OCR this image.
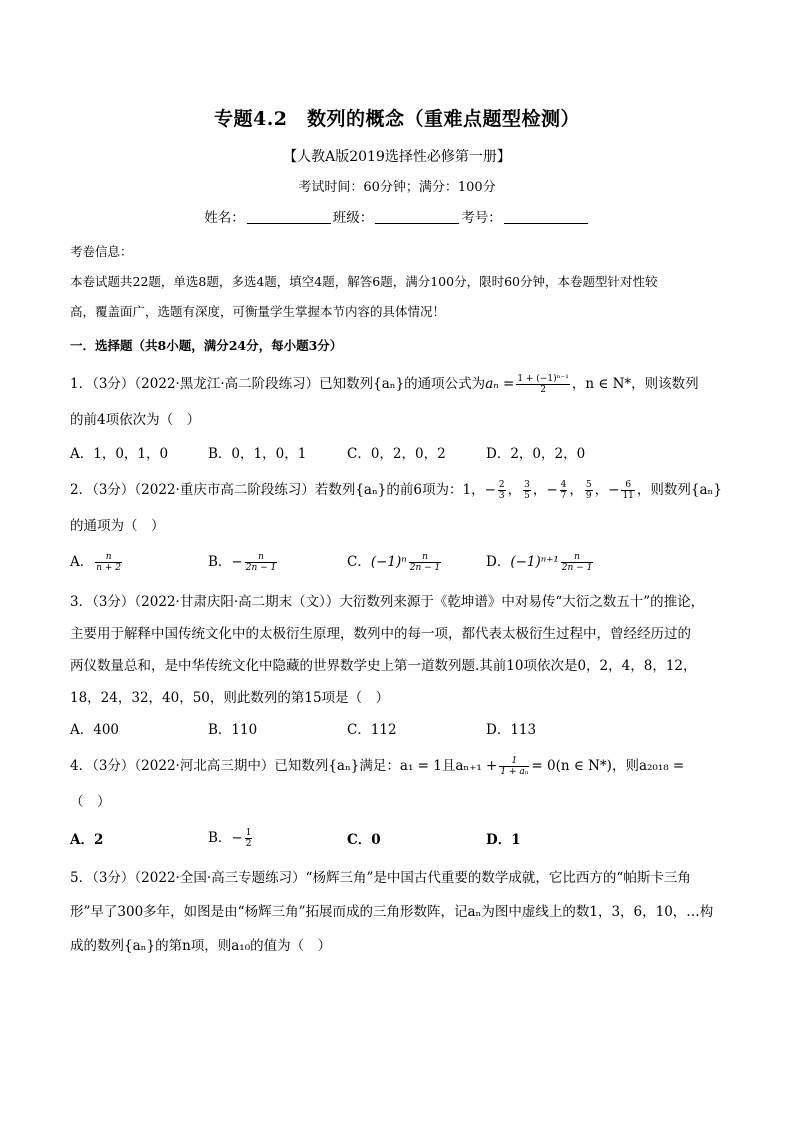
专题4.2　数列的概念（重难点题型检测）
【人教A版2019选择性必修第一册】
考试时间：60分钟；满分：100分
姓名：	班级：	考号：
考卷信息：
本卷试题共22题，单选8题，多选4题，填空4题，解答6题，满分100分，限时60分钟，本卷题型针对性较
高，覆盖面广，选题有深度，可衡量学生掌握本节内容的具体情况！
一．选择题（共8小题，满分24分，每小题3分）
1．（3分）（2022·黑龙江·高二阶段练习）已知数列{aₙ}的通项公式为$a_n = \frac{\text{1 + (−1)ⁿ⁻¹}}{2}$ ，n ∈ N*，则该数列
的前4项依次为（　）
A．1，0，1，0	B．0，1，0，1	C．0，2，0，2	D．2，0，2，0
2．（3分）（2022·重庆市高二阶段练习）若数列{aₙ}的前6项为：1，− $\frac{2}{3}$ ， $\frac{3}{5}$ ，− $\frac{4}{7}$ ， $\frac{5}{9}$ ，− $\frac{6}{11}$ ，则数列{aₙ}
的通项为（　）
A． $\frac{n}{n + 2}$	B．− $\frac{n}{2n - 1}$	C．$(-1)^n \frac{n}{2n - 1}$	D．$(-1)^{n+1} \frac{n}{2n - 1}$
3．（3分）（2022·甘肃庆阳·高二期末（文））大衍数列来源于《乾坤谱》中对易传“大衍之数五十”的推论，
主要用于解释中国传统文化中的太极衍生原理，数列中的每一项，都代表太极衍生过程中，曾经经历过的
两仪数量总和，是中华传统文化中隐藏的世界数学史上第一道数列题.其前10项依次是0，2，4，8，12，
18，24，32，40，50，则此数列的第15项是（　）
A．400	B．110	C．112	D．113
4．（3分）（2022·河北高三期中）已知数列{aₙ}满足：a₁ = 1且$a_{n+1} + \frac{1}{\text{1 + aₙ}} = 0(n$ ∈ N*)，则a₂₀₁₈ =
（　）
A．2	B．− $\frac{1}{2}$	C．0	D．1
5．（3分）（2022·全国·高三专题练习）“杨辉三角”是中国古代重要的数学成就，它比西方的“帕斯卡三角
形”早了300多年，如图是由“杨辉三角”拓展而成的三角形数阵，记aₙ为图中虚线上的数1，3，6，10，…构
成的数列{aₙ}的第n项，则a₁₀的值为（　）
